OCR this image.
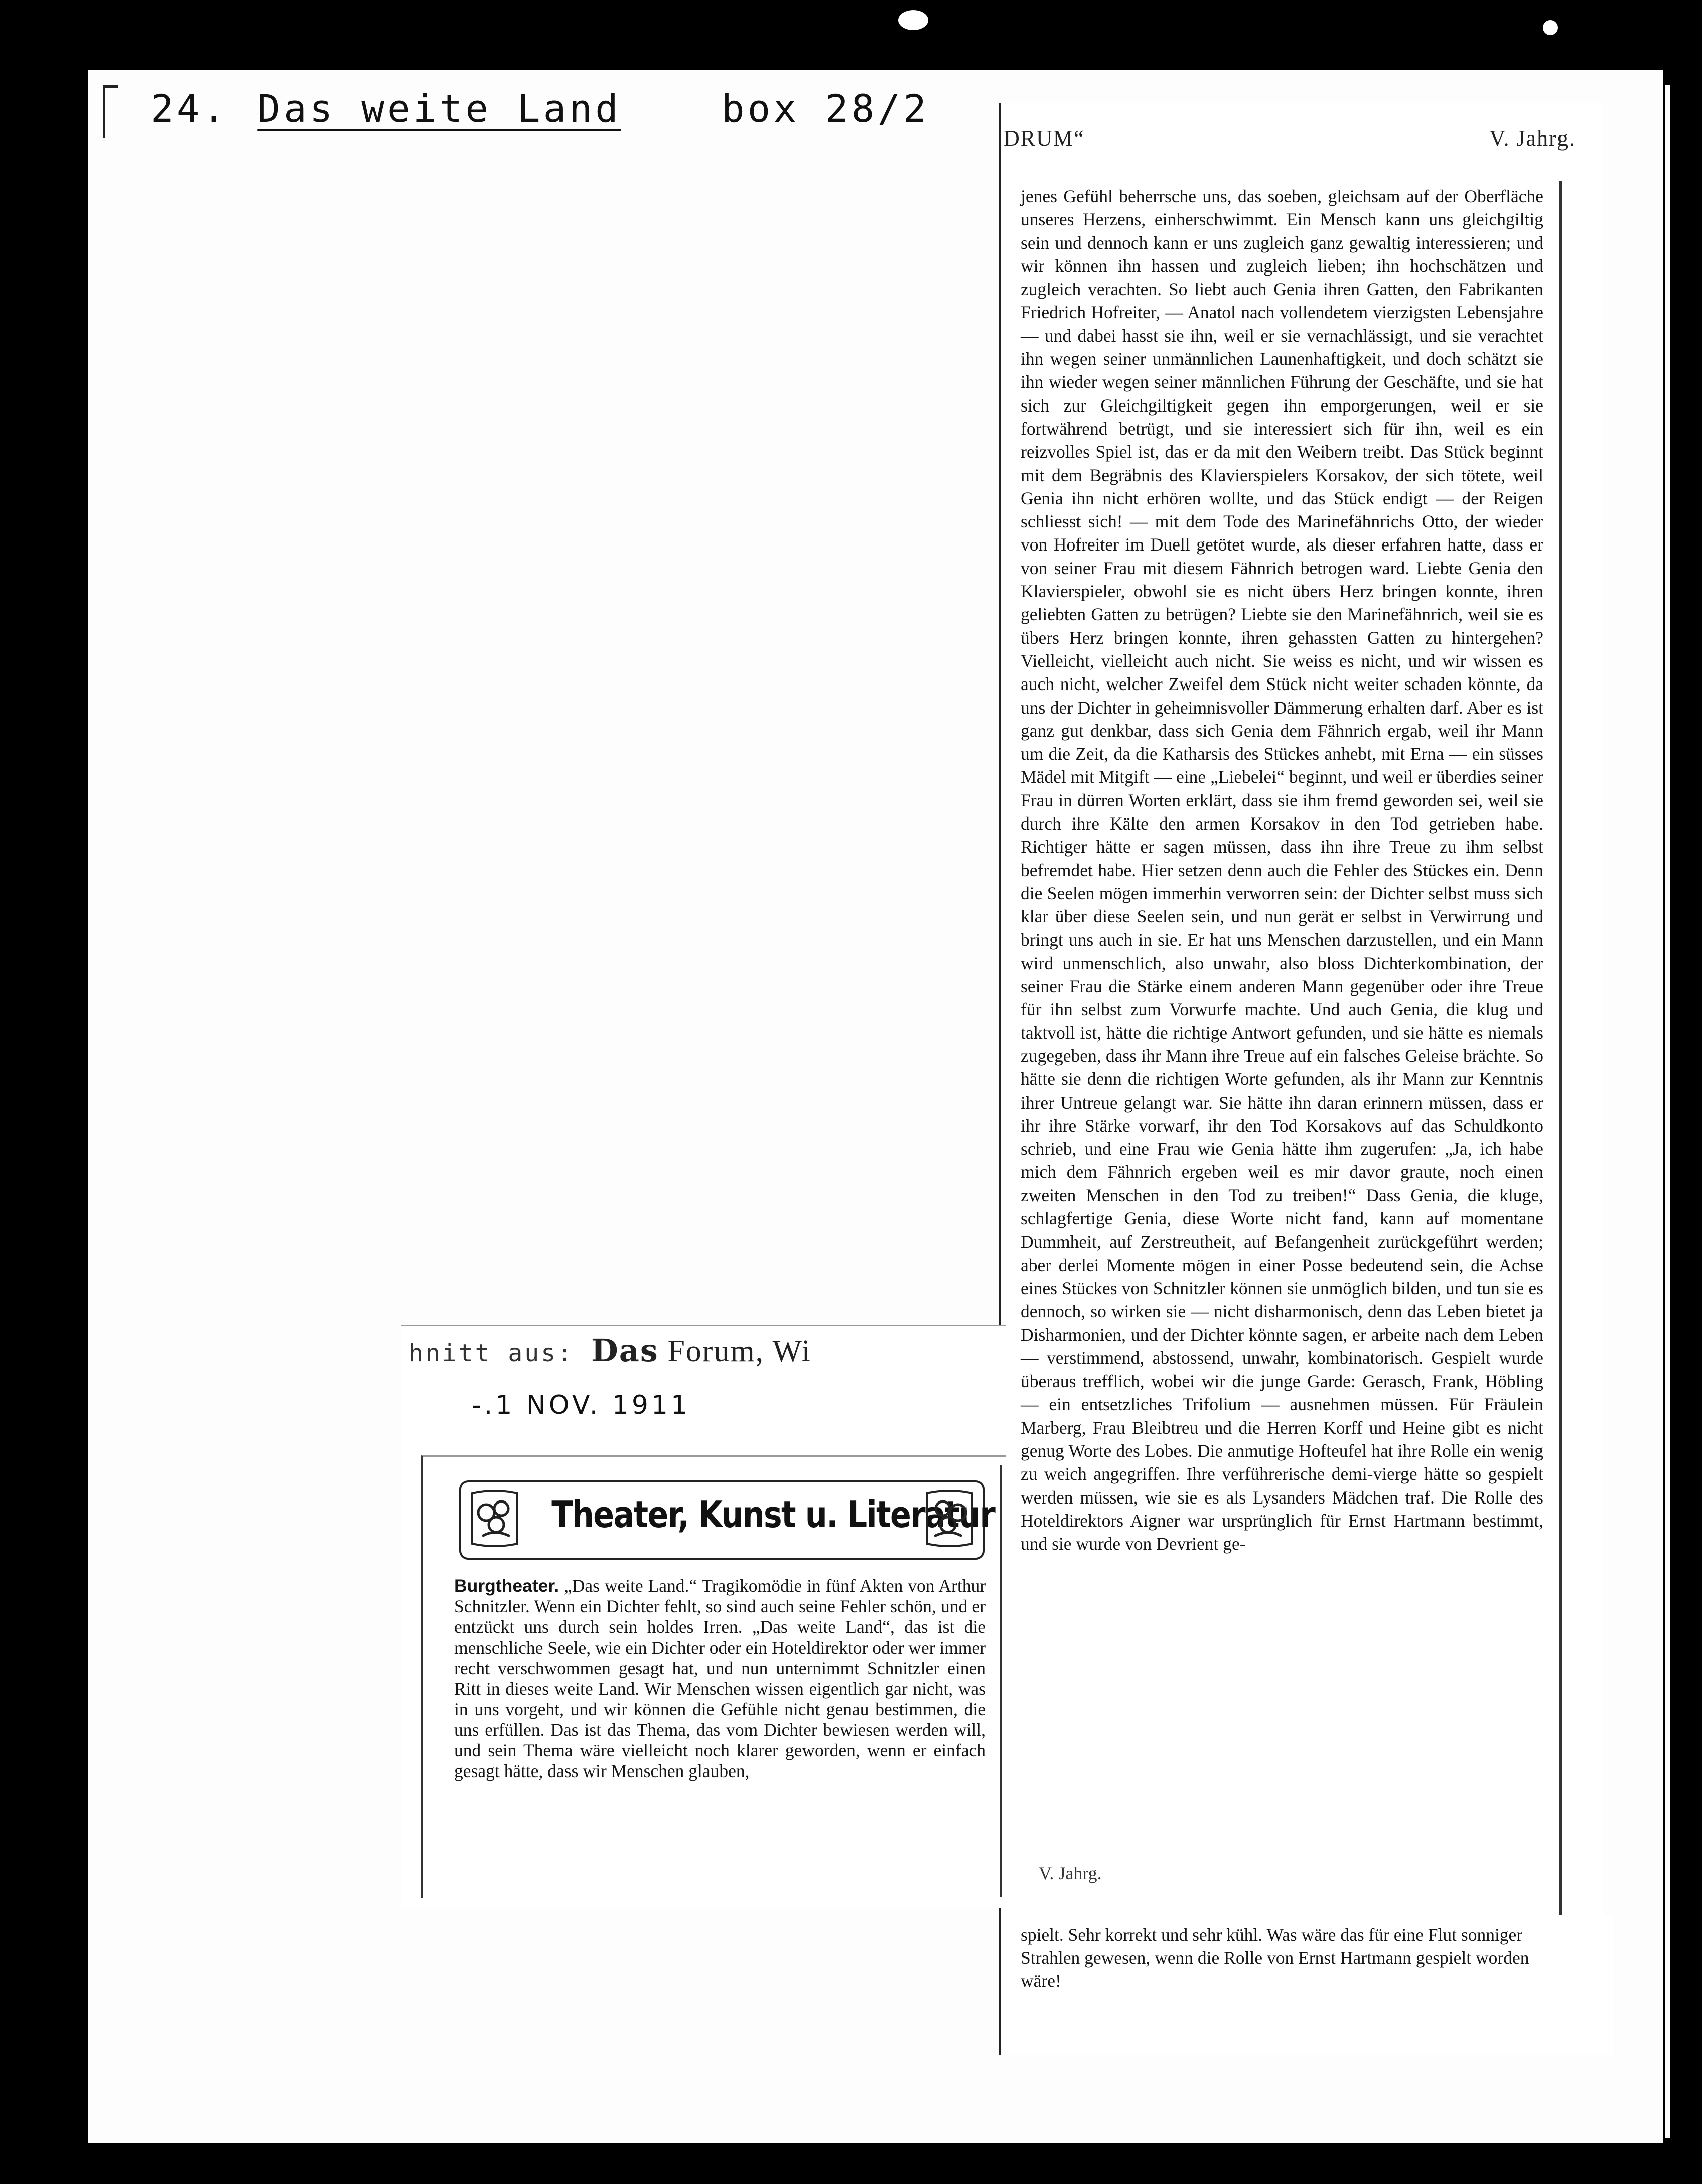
24. Das weite Land	box 28/2
DRUM“	V. Jahrg.
jenes Gefühl beherrsche uns, das soeben, gleichsam auf der Oberfläche unseres Herzens, einherschwimmt. Ein Mensch kann uns gleichgiltig sein und dennoch kann er uns zugleich ganz gewaltig interessieren; und wir können ihn hassen und zugleich lieben; ihn hochschätzen und zugleich verachten. So liebt auch Genia ihren Gatten, den Fabrikanten Friedrich Hofreiter, — Anatol nach vollendetem vierzigsten Lebensjahre — und dabei hasst sie ihn, weil er sie vernachlässigt, und sie verachtet ihn wegen seiner unmännlichen Launenhaftigkeit, und doch schätzt sie ihn wieder wegen seiner männlichen Führung der Geschäfte, und sie hat sich zur Gleichgiltigkeit gegen ihn emporgerungen, weil er sie fortwährend betrügt, und sie interessiert sich für ihn, weil es ein reizvolles Spiel ist, das er da mit den Weibern treibt. Das Stück beginnt mit dem Begräbnis des Klavierspielers Korsakov, der sich tötete, weil Genia ihn nicht erhören wollte, und das Stück endigt — der Reigen schliesst sich! — mit dem Tode des Marinefähnrichs Otto, der wieder von Hofreiter im Duell getötet wurde, als dieser erfahren hatte, dass er von seiner Frau mit diesem Fähnrich betrogen ward. Liebte Genia den Klavierspieler, obwohl sie es nicht übers Herz bringen konnte, ihren geliebten Gatten zu betrügen? Liebte sie den Marinefähnrich, weil sie es übers Herz bringen konnte, ihren gehassten Gatten zu hintergehen? Vielleicht, vielleicht auch nicht. Sie weiss es nicht, und wir wissen es auch nicht, welcher Zweifel dem Stück nicht weiter schaden könnte, da uns der Dichter in geheimnisvoller Dämmerung erhalten darf. Aber es ist ganz gut denkbar, dass sich Genia dem Fähnrich ergab, weil ihr Mann um die Zeit, da die Katharsis des Stückes anhebt, mit Erna — ein süsses Mädel mit Mitgift — eine „Liebelei“ beginnt, und weil er überdies seiner Frau in dürren Worten erklärt, dass sie ihm fremd geworden sei, weil sie durch ihre Kälte den armen Korsakov in den Tod getrieben habe. Richtiger hätte er sagen müssen, dass ihn ihre Treue zu ihm selbst befremdet habe. Hier setzen denn auch die Fehler des Stückes ein. Denn die Seelen mögen immerhin verworren sein: der Dichter selbst muss sich klar über diese Seelen sein, und nun gerät er selbst in Verwirrung und bringt uns auch in sie. Er hat uns Menschen darzustellen, und ein Mann wird unmenschlich, also unwahr, also bloss Dichterkombination, der seiner Frau die Stärke einem anderen Mann gegenüber oder ihre Treue für ihn selbst zum Vorwurfe machte. Und auch Genia, die klug und taktvoll ist, hätte die richtige Antwort gefunden, und sie hätte es niemals zugegeben, dass ihr Mann ihre Treue auf ein falsches Geleise brächte. So hätte sie denn die richtigen Worte gefunden, als ihr Mann zur Kenntnis ihrer Untreue gelangt war. Sie hätte ihn daran erinnern müssen, dass er ihr ihre Stärke vorwarf, ihr den Tod Korsakovs auf das Schuldkonto schrieb, und eine Frau wie Genia hätte ihm zugerufen: „Ja, ich habe mich dem Fähnrich ergeben weil es mir davor graute, noch einen zweiten Menschen in den Tod zu treiben!“ Dass Genia, die kluge, schlagfertige Genia, diese Worte nicht fand, kann auf momentane Dummheit, auf Zerstreutheit, auf Befangenheit zurückgeführt werden; aber derlei Momente mögen in einer Posse bedeutend sein, die Achse eines Stückes von Schnitzler können sie unmöglich bilden, und tun sie es dennoch, so wirken sie — nicht disharmonisch, denn das Leben bietet ja Disharmonien, und der Dichter könnte sagen, er arbeite nach dem Leben — verstimmend, abstossend, unwahr, kombinatorisch. Gespielt wurde überaus trefflich, wobei wir die junge Garde: Gerasch, Frank, Höbling — ein entsetzliches Trifolium — ausnehmen müssen. Für Fräulein Marberg, Frau Bleibtreu und die Herren Korff und Heine gibt es nicht genug Worte des Lobes. Die anmutige Hofteufel hat ihre Rolle ein wenig zu weich angegriffen. Ihre verführerische demi-vierge hätte so gespielt werden müssen, wie sie es als Lysanders Mädchen traf. Die Rolle des Hoteldirektors Aigner war ursprünglich für Ernst Hartmann bestimmt, und sie wurde von Devrient ge-
V. Jahrg.
spielt. Sehr korrekt und sehr kühl. Was wäre das für eine Flut sonniger Strahlen gewesen, wenn die Rolle von Ernst Hartmann gespielt worden wäre!
hnitt aus: Das Forum, Wi
-.1 NOV. 1911
Theater, Kunst u. Literatur
Burgtheater. „Das weite Land.“ Tragikomödie in fünf Akten von Arthur Schnitzler. Wenn ein Dichter fehlt, so sind auch seine Fehler schön, und er entzückt uns durch sein holdes Irren. „Das weite Land“, das ist die menschliche Seele, wie ein Dichter oder ein Hoteldirektor oder wer immer recht verschwommen gesagt hat, und nun unternimmt Schnitzler einen Ritt in dieses weite Land. Wir Menschen wissen eigentlich gar nicht, was in uns vorgeht, und wir können die Gefühle nicht genau bestimmen, die uns erfüllen. Das ist das Thema, das vom Dichter bewiesen werden will, und sein Thema wäre vielleicht noch klarer geworden, wenn er einfach gesagt hätte, dass wir Menschen glauben,
